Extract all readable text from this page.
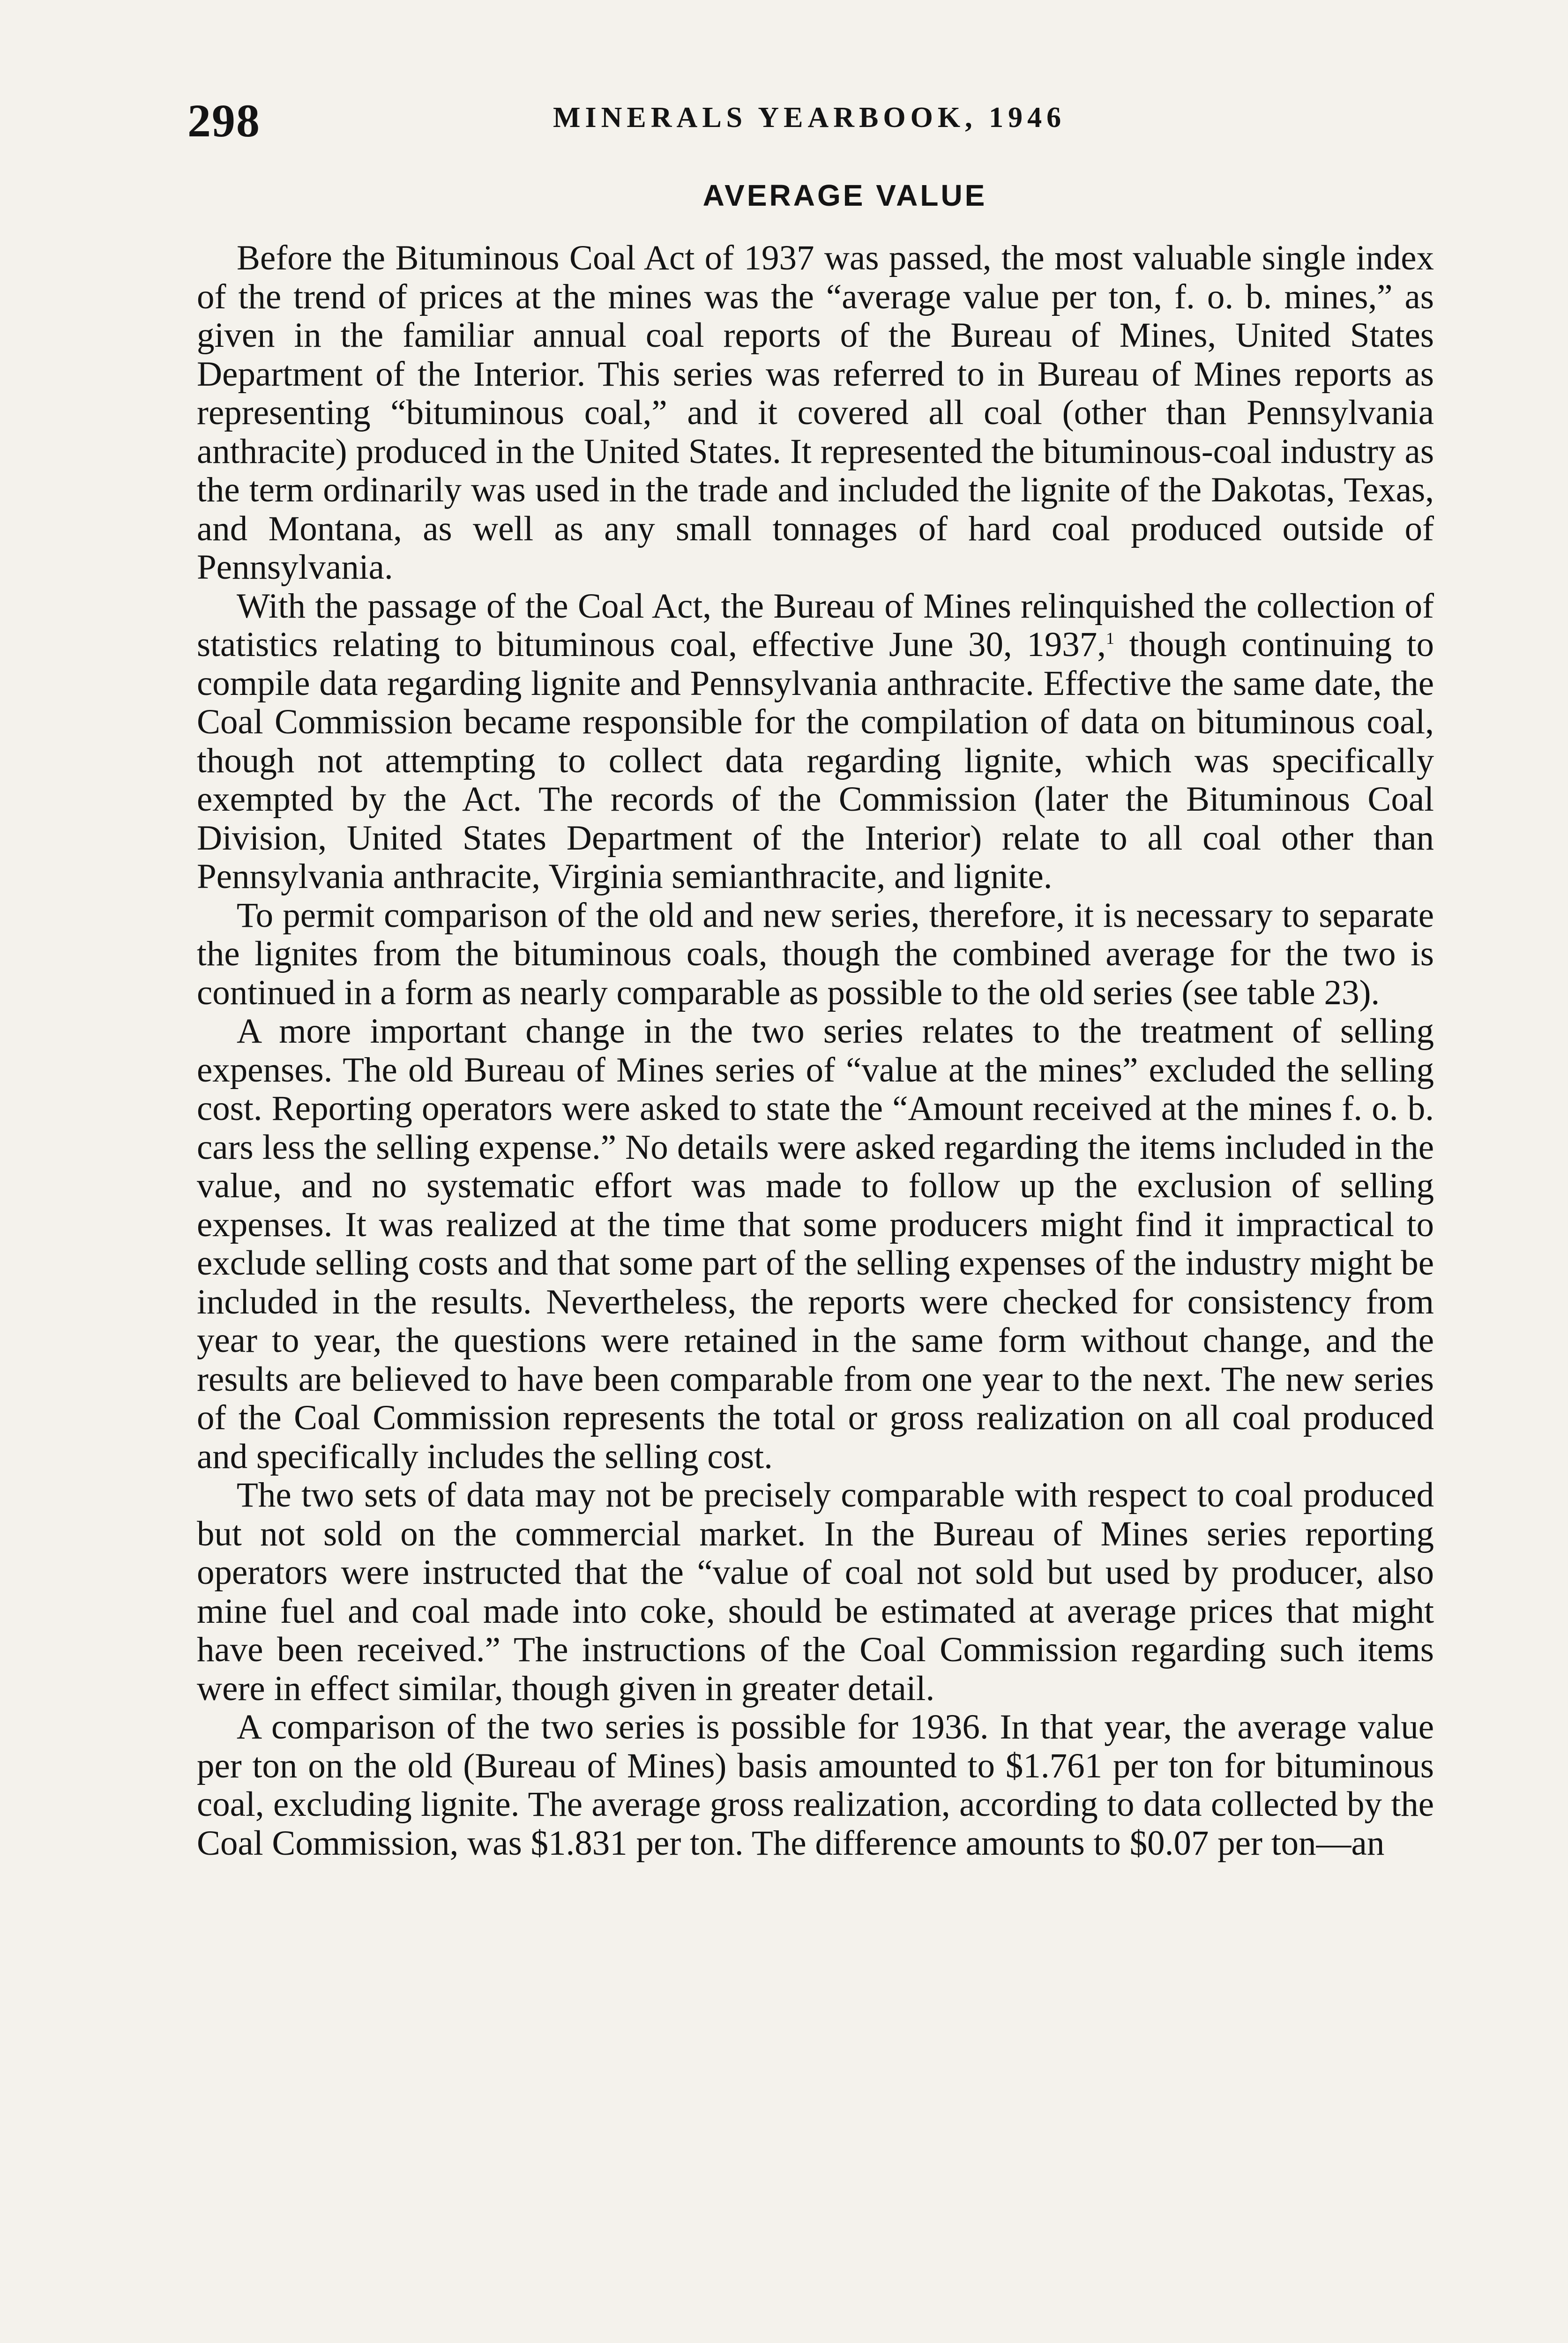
298	MINERALS YEARBOOK, 1946
AVERAGE VALUE

Before the Bituminous Coal Act of 1937 was passed, the most valuable single index of the trend of prices at the mines was the “average value per ton, f. o. b. mines,” as given in the familiar annual coal reports of the Bureau of Mines, United States Department of the Interior. This series was referred to in Bureau of Mines reports as representing “bituminous coal,” and it covered all coal (other than Pennsylvania anthracite) produced in the United States. It represented the bituminous-coal industry as the term ordinarily was used in the trade and included the lignite of the Dakotas, Texas, and Montana, as well as any small tonnages of hard coal produced outside of Pennsylvania.

With the passage of the Coal Act, the Bureau of Mines relinquished the collection of statistics relating to bituminous coal, effective June 30, 1937,$^1$ though continuing to compile data regarding lignite and Pennsylvania anthracite. Effective the same date, the Coal Commission became responsible for the compilation of data on bituminous coal, though not attempting to collect data regarding lignite, which was specifically exempted by the Act. The records of the Commission (later the Bituminous Coal Division, United States Department of the Interior) relate to all coal other than Pennsylvania anthracite, Virginia semianthracite, and lignite.

To permit comparison of the old and new series, therefore, it is necessary to separate the lignites from the bituminous coals, though the combined average for the two is continued in a form as nearly comparable as possible to the old series (see table 23).

A more important change in the two series relates to the treatment of selling expenses. The old Bureau of Mines series of “value at the mines” excluded the selling cost. Reporting operators were asked to state the “Amount received at the mines f. o. b. cars less the selling expense.” No details were asked regarding the items included in the value, and no systematic effort was made to follow up the exclusion of selling expenses. It was realized at the time that some producers might find it impractical to exclude selling costs and that some part of the selling expenses of the industry might be included in the results. Nevertheless, the reports were checked for consistency from year to year, the questions were retained in the same form without change, and the results are believed to have been comparable from one year to the next. The new series of the Coal Commission represents the total or gross realization on all coal produced and specifically includes the selling cost.

The two sets of data may not be precisely comparable with respect to coal produced but not sold on the commercial market. In the Bureau of Mines series reporting operators were instructed that the “value of coal not sold but used by producer, also mine fuel and coal made into coke, should be estimated at average prices that might have been received.” The instructions of the Coal Commission regarding such items were in effect similar, though given in greater detail.

A comparison of the two series is possible for 1936. In that year, the average value per ton on the old (Bureau of Mines) basis amounted to $1.761 per ton for bituminous coal, excluding lignite. The average gross realization, according to data collected by the Coal Commission, was $1.831 per ton. The difference amounts to $0.07 per ton—an
